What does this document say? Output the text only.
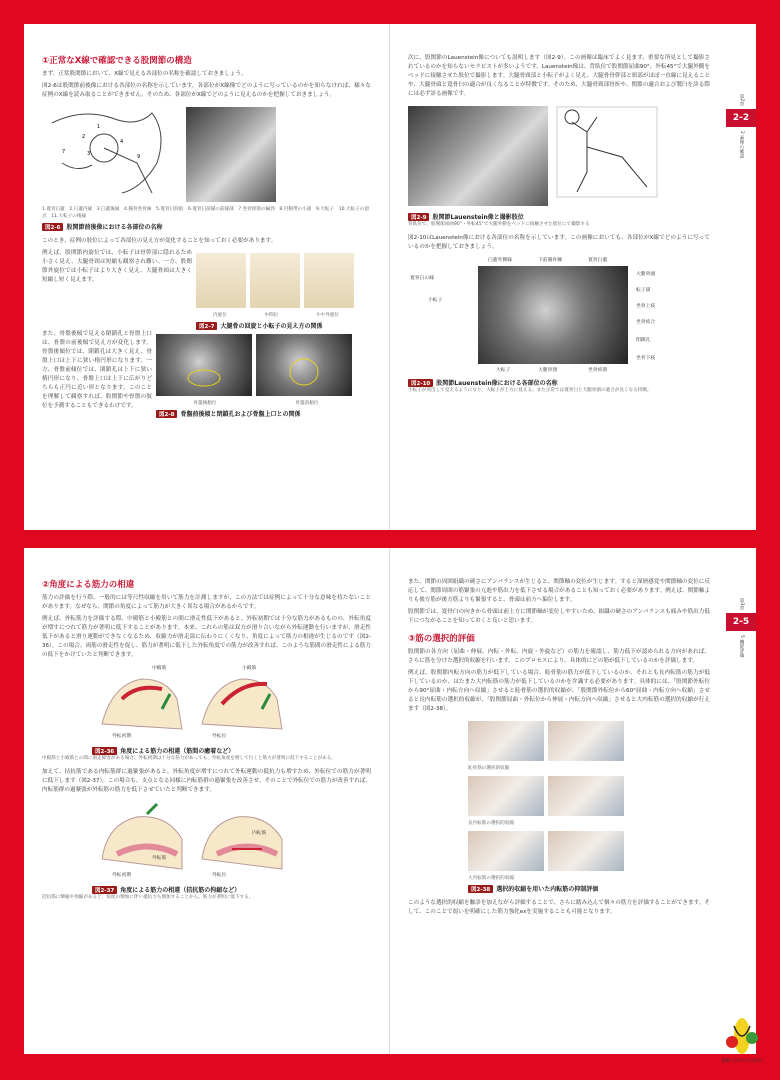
①正常なX線で確認できる股関節の構造
まず、正常股関節において、X線で見える各部位の名称を確認しておきましょう。
図2-6は股関節前後像における各部位の名称を示しています。各部位がX線像でどのように写っているのかを知らなければ、様々な症例のX線を読み取ることができません。そのため、各部位がX線でどのように見えるのかを把握しておきましょう。
1
2
3
4
7
9
1.寛骨臼蓋　2.臼蓋内縁　3.臼蓋後縁　4.腸骨坐骨線　5.寛骨臼涙痕　6.寛骨臼前縁の前縁部　7.坐骨結節の輪郭　8.円靭帯の小窩　9.大転子　10.大転子の頂点　11.大転子の後縁
図2-6	股関節前後像における各部位の名称
このとき、症例の肢位によって各部位の見え方が変化することを知っておく必要があります。
例えば、股関節内旋位では、小転子は骨幹部に隠れるため小さく見え、大腿骨頸は短縮も観察され難い。一方、股関節外旋位では小転子はより大きく見え、大腿骨頸は大きく短縮し短く見えます。
内旋位	中間位	やや外旋位
図2-7	大腿骨の回旋と小転子の見え方の関係
また、骨盤後傾で見える閉鎖孔と骨盤上口は、骨盤の前後傾で見え方が変化します。骨盤後傾位では、閉鎖孔は大きく見え、骨盤上口は上下に狭い楕円形になります。一方、骨盤前傾位では、閉鎖孔は上下に狭い楕円形になり、骨盤上口は上下に広がりどちらも正円に近い形となります。このことを理解して観察すれば、股関節や骨盤の肢位を予測することもできるわけです。	骨盤後傾位	骨盤前傾位
図2-8	骨盤前後傾と閉鎖孔および骨盤上口との関係
第2章
2-2
2 画像の確認
次に、股関節のLauenstein像についても説明します（図2-9）。この画像は臨床でよく見ます。重要な所見として撮影されているのかを知らないセラピストが多いようです。Lauenstein像は、背臥位で股関節屈曲90°、外転45°で大腿外側をベッドに接触させた肢位で撮影します。大腿骨頸部と小転子がよく見え、大腿骨骨幹部と頸部がほぼ一直線に見えることや、大腿骨頭と寛骨臼の適合が良くなることが特徴です。そのため、大腿骨頸部骨折や、関節の適合および製臼を診る際には必ず診る画像です。
図2-9	股関節Lauenstein像と撮影肢位
背臥位で、股関節屈曲90°・外転45°で大腿外側をベッドに接触させた肢位にて撮影する
図2-10はLauenstein像における各部位の名称を示しています。この画像においても、各部位がX線でどのように写っているのかを把握しておきましょう。
臼蓋外側縁	下前腸骨棘	寛骨臼蓋
寛骨臼の縁
小転子
大腿骨頭
転子窩
坐骨上枝
坐骨結合
閉鎖孔
坐骨下枝
大転子	大腿骨頸	坐骨結節
図2-10	股関節Lauenstein像における各部位の名称
小転子が突出して見えるようになり、大転子が上方に見える。また正常では寛骨臼と大腿骨頭の適合が良くなる特徴。
②角度による筋力の相違
筋力の評価を行う際、一般的には等尺性収縮を用いて筋力を計測しますが、この方法では症例によって十分な意味を持たないことがあります。なぜなら、関節の角度によって筋力が大きく異なる場合があるからです。
例えば、外転筋力を評価する際、中殿筋と小殿筋との間に滑走性低下があると、外転初期では十分な筋力があるものの、外転角度が増すにつれて筋力が著明に低下することがあります。本来、これらの筋は双方が滑り合いながら外転運動を行いますが、滑走性低下があると滑り運動ができなくなるため、収縮力が滑走部に伝わりにくくなり、角度によって筋力の相違が生じるのです（図2-36）。この場合、両筋の滑走性を促し、筋力が著明に低下した外転角度での筋力が改善すれば、このような筋間の滑走性による筋力の低下をかけていたと判断できます。
中殿筋	小殿筋
外転初期	外転位
図2-36	角度による筋力の相違（筋間の癒着など）
中殿筋と小殿筋との間に滑走障害がある場合、外転初期は十分な筋力があっても、外転角度を増して行くと筋力が著明に低下することがある。
加えて、拮抗筋である内転筋群に過緊張があると、外転角度が増すにつれて外転運動の抵抗力も増すため、外転位での筋力が著明に低下します（図2-37）。この場合も、支点となる同様に内転筋群の過緊張を改善させ、そのことで外転位での筋力が改善すれば、内転筋群の過緊張が外転筋の筋力を低下させていたと判断できます。
外転筋
内転筋
外転初期	外転位
図2-37	角度による筋力の相違（拮抗筋の拘縮など）
拮抗筋に攣縮や拘縮があると、角度の増加に伴い抵抗力も増加することから、筋力が著明に低下する。
第3章
2-5
5 機能評価
また、関節の周囲組織の硬さにアンバランスが生じると、関節軸の変位が生じます。すると深層感覚や関節軸の変位に反応して、関節周囲の筋緊張の亢進や筋出力を低下させる場合があることも知っておく必要があります。例えば、関節軸よりも後方筋が後方筋よりも緊張すると、骨頭は前方へ偏位します。
股関節では、寛骨臼の向きから骨頭は前上方に関節軸が変位しやすいため、組織の硬さのアンバランスも痛みや筋出力低下につながることを知っておくと良いと思います。
③筋の選択的評価
股関節の各方向（屈曲・伸展、内転・外転、内旋・外旋など）の筋力を確認し、筋力低下が認められる方向があれば、さらに筋を分けた選択的収縮を行います。このプロセスにより、具体的にどの筋が低下しているのかを評価します。
例えば、股関節内転方向の筋力が低下している場合、恥骨筋の筋力が低下しているのか、それとも長内転筋の筋力が低下しているのか、はたまた大内転筋の筋力が低下しているのかを弁識する必要があります。具体的には、「股関節外転位から90°屈曲・内転方向へ収縮」させると恥骨筋の選択的収縮が、「股関節外転位から60°屈曲・内転方向へ収縮」させると長内転筋の選択的収縮が、「股関節屈曲・外転位から伸展・内転方向へ収縮」させると大内転筋の選択的収縮が行えます（図2-38）。
恥骨筋の選択的収縮
長内転筋の選択的収縮
大内転筋の選択的収縮
図2-38	選択的収縮を用いた内転筋の抑制評価
このような選択的収縮を触診を加えながら評価することで、さらに踏み込んで個々の筋力を評価することができます。そして、このことで弱いを明確にした筋力強化exを実施することも可能となります。
運動と医学の出版社
